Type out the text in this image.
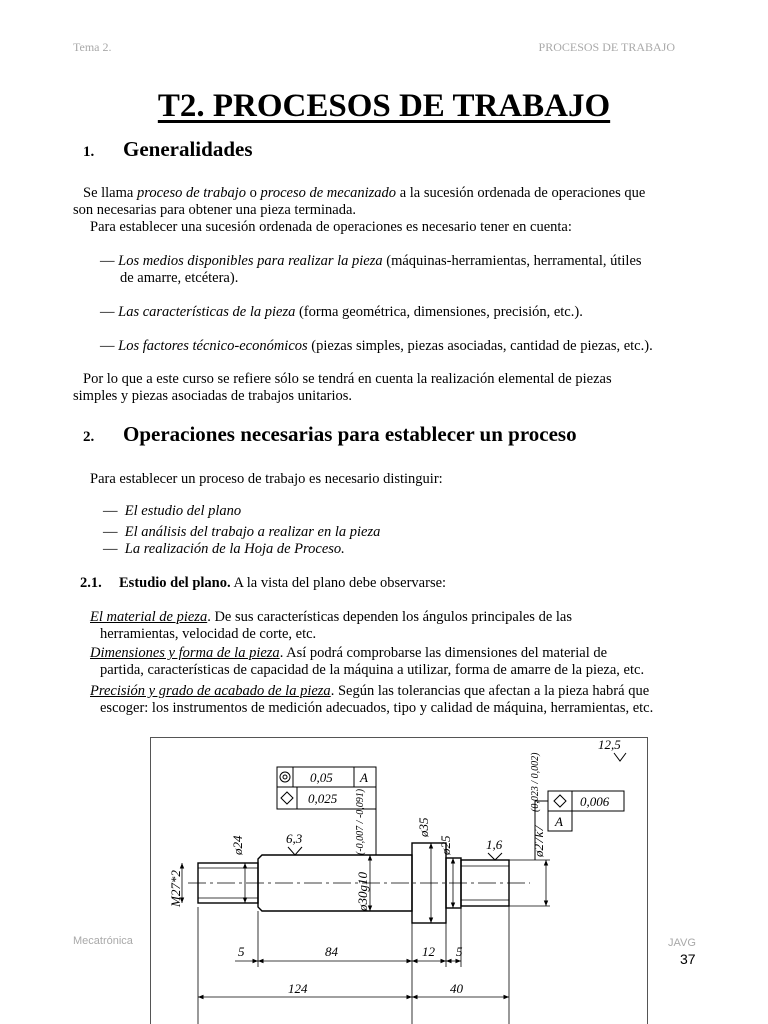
Tema 2.	PROCESOS DE TRABAJO
T2. PROCESOS DE TRABAJO
1. Generalidades
Se llama proceso de trabajo o proceso de mecanizado a la sucesión ordenada de operaciones que
son necesarias para obtener una pieza terminada.
Para establecer una sucesión ordenada de operaciones es necesario tener en cuenta:
— Los medios disponibles para realizar la pieza (máquinas-herramientas, herramental, útiles
de amarre, etcétera).
— Las características de la pieza (forma geométrica, dimensiones, precisión, etc.).
— Los factores técnico-económicos (piezas simples, piezas asociadas, cantidad de piezas, etc.).
Por lo que a este curso se refiere sólo se tendrá en cuenta la realización elemental de piezas
simples y piezas asociadas de trabajos unitarios.
2. Operaciones necesarias para establecer un proceso
Para establecer un proceso de trabajo es necesario distinguir:
— El estudio del plano
— El análisis del trabajo a realizar en la pieza
— La realización de la Hoja de Proceso.
2.1. Estudio del plano. A la vista del plano debe observarse:
El material de pieza. De sus características dependen los ángulos principales de las
herramientas, velocidad de corte, etc.
Dimensiones y forma de la pieza. Así podrá comprobarse las dimensiones del material de
partida, características de capacidad de la máquina a utilizar, forma de amarre de la pieza, etc.
Precisión y grado de acabado de la pieza. Según las tolerancias que afectan a la pieza habrá que
escoger: los instrumentos de medición adecuados, tipo y calidad de máquina, herramientas, etc.
0,05 A
0,025	0,006
A
12,5
6,3	1,6
M27*2
ø24
ø30g10
(-0,007 / -0,091)	ø35
ø25	ø27k7
(0,023 / 0,002)
5	84	12 5
124	40
Mecatrónica	JAVG
37
